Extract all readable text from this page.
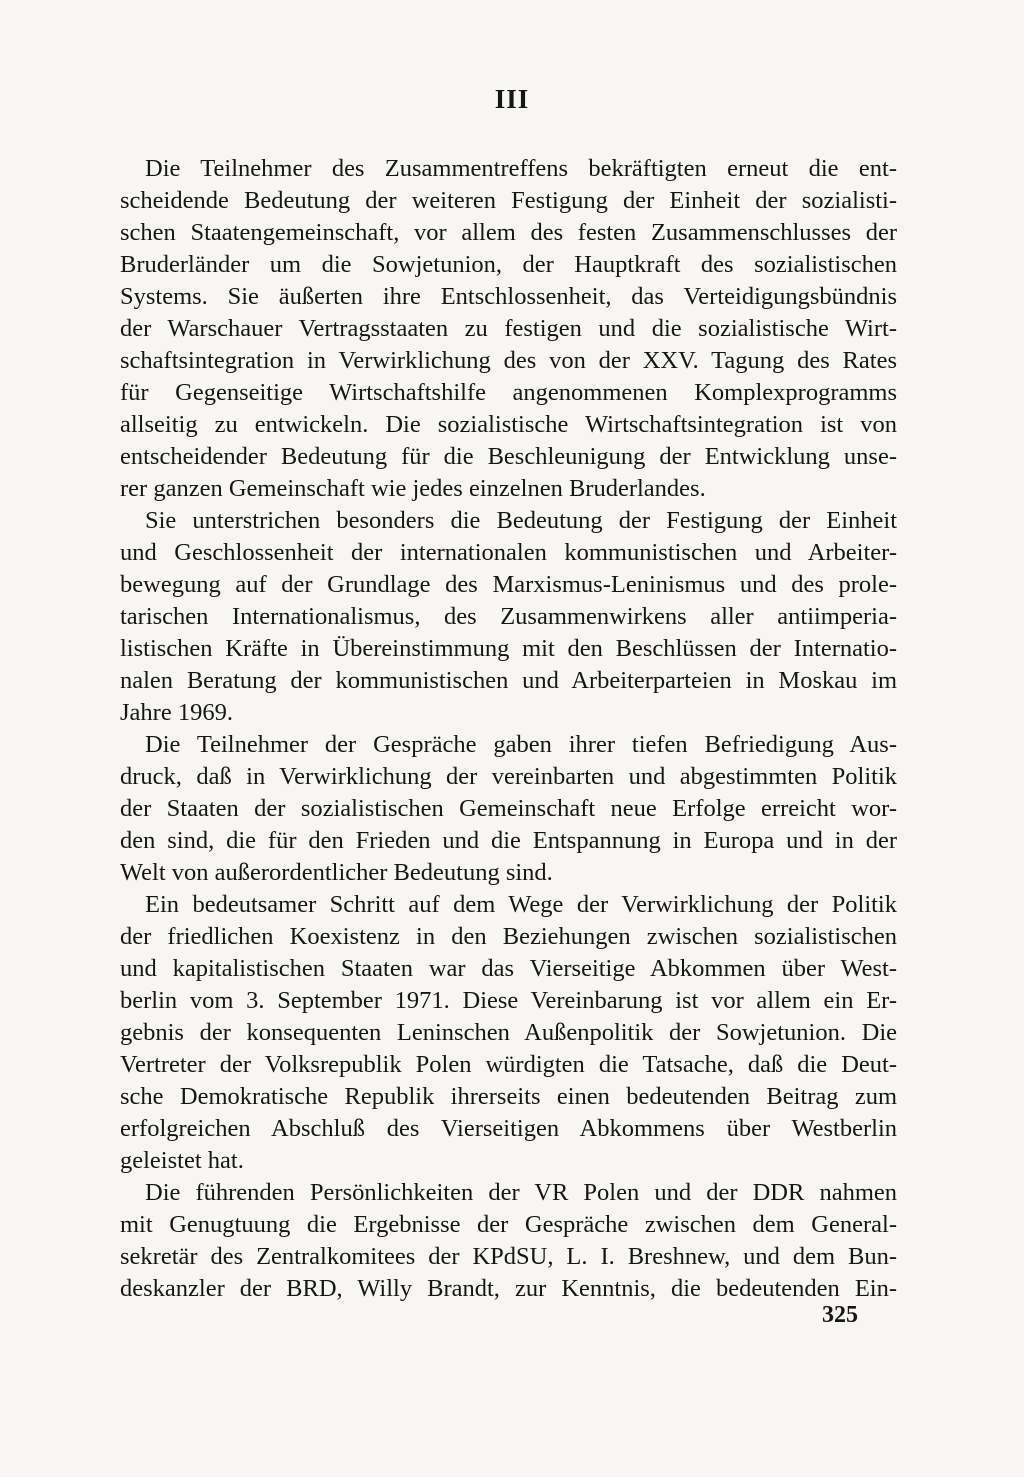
III
Die Teilnehmer des Zusammentreffens bekräftigten erneut die ent-
scheidende Bedeutung der weiteren Festigung der Einheit der sozialisti-
schen Staatengemeinschaft, vor allem des festen Zusammenschlusses der
Bruderländer um die Sowjetunion, der Hauptkraft des sozialistischen
Systems. Sie äußerten ihre Entschlossenheit, das Verteidigungsbündnis
der Warschauer Vertragsstaaten zu festigen und die sozialistische Wirt-
schaftsintegration in Verwirklichung des von der XXV. Tagung des Rates
für Gegenseitige Wirtschaftshilfe angenommenen Komplexprogramms
allseitig zu entwickeln. Die sozialistische Wirtschaftsintegration ist von
entscheidender Bedeutung für die Beschleunigung der Entwicklung unse-
rer ganzen Gemeinschaft wie jedes einzelnen Bruderlandes.
Sie unterstrichen besonders die Bedeutung der Festigung der Einheit
und Geschlossenheit der internationalen kommunistischen und Arbeiter-
bewegung auf der Grundlage des Marxismus-Leninismus und des prole-
tarischen Internationalismus, des Zusammenwirkens aller antiimperia-
listischen Kräfte in Übereinstimmung mit den Beschlüssen der Internatio-
nalen Beratung der kommunistischen und Arbeiterparteien in Moskau im
Jahre 1969.
Die Teilnehmer der Gespräche gaben ihrer tiefen Befriedigung Aus-
druck, daß in Verwirklichung der vereinbarten und abgestimmten Politik
der Staaten der sozialistischen Gemeinschaft neue Erfolge erreicht wor-
den sind, die für den Frieden und die Entspannung in Europa und in der
Welt von außerordentlicher Bedeutung sind.
Ein bedeutsamer Schritt auf dem Wege der Verwirklichung der Politik
der friedlichen Koexistenz in den Beziehungen zwischen sozialistischen
und kapitalistischen Staaten war das Vierseitige Abkommen über West-
berlin vom 3. September 1971. Diese Vereinbarung ist vor allem ein Er-
gebnis der konsequenten Leninschen Außenpolitik der Sowjetunion. Die
Vertreter der Volksrepublik Polen würdigten die Tatsache, daß die Deut-
sche Demokratische Republik ihrerseits einen bedeutenden Beitrag zum
erfolgreichen Abschluß des Vierseitigen Abkommens über Westberlin
geleistet hat.
Die führenden Persönlichkeiten der VR Polen und der DDR nahmen
mit Genugtuung die Ergebnisse der Gespräche zwischen dem General-
sekretär des Zentralkomitees der KPdSU, L. I. Breshnew, und dem Bun-
deskanzler der BRD, Willy Brandt, zur Kenntnis, die bedeutenden Ein-
325
